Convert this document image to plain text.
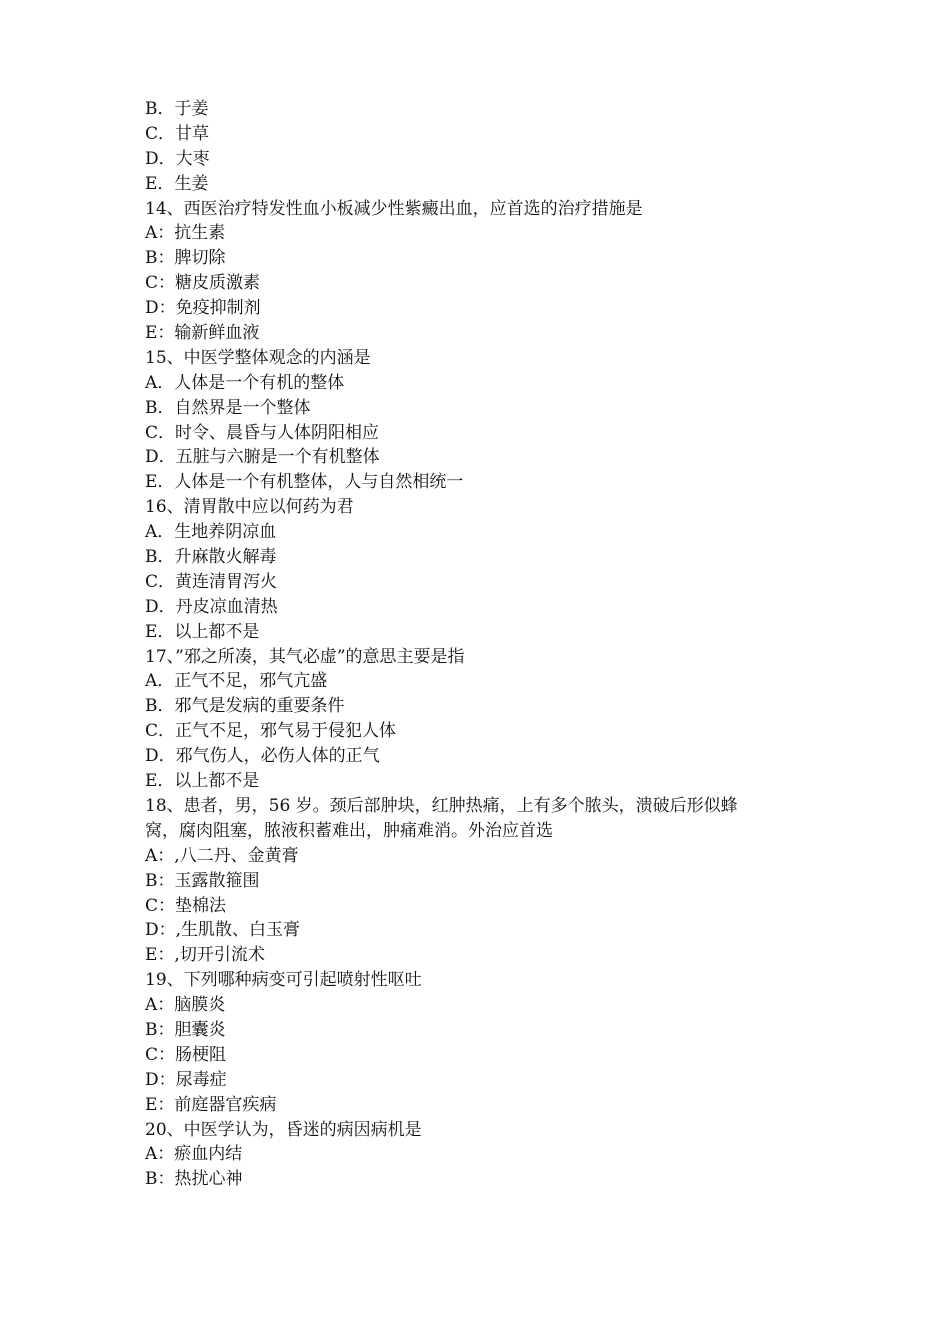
B．于姜
C．甘草
D．大枣
E．生姜
14、西医治疗特发性血小板减少性紫癜出血，应首选的治疗措施是
A：抗生素
B：脾切除
C：糖皮质激素
D：免疫抑制剂
E：输新鲜血液
15、中医学整体观念的内涵是
A．人体是一个有机的整体
B．自然界是一个整体
C．时令、晨昏与人体阴阳相应
D．五脏与六腑是一个有机整体
E．人体是一个有机整体，人与自然相统一
16、清胃散中应以何药为君
A．生地养阴凉血
B．升麻散火解毒
C．黄连清胃泻火
D．丹皮凉血清热
E．以上都不是
17、”邪之所凑，其气必虚”的意思主要是指
A．正气不足，邪气亢盛
B．邪气是发病的重要条件
C．正气不足，邪气易于侵犯人体
D．邪气伤人，必伤人体的正气
E．以上都不是
18、患者，男，56 岁。颈后部肿块，红肿热痛，上有多个脓头，溃破后形似蜂
窝，腐肉阻塞，脓液积蓄难出，肿痛难消。外治应首选
A：,八二丹、金黄膏
B：玉露散箍围
C：垫棉法
D：,生肌散、白玉膏
E：,切开引流术
19、下列哪种病变可引起喷射性呕吐
A：脑膜炎
B：胆囊炎
C：肠梗阻
D：尿毒症
E：前庭器官疾病
20、中医学认为，昏迷的病因病机是
A：瘀血内结
B：热扰心神
